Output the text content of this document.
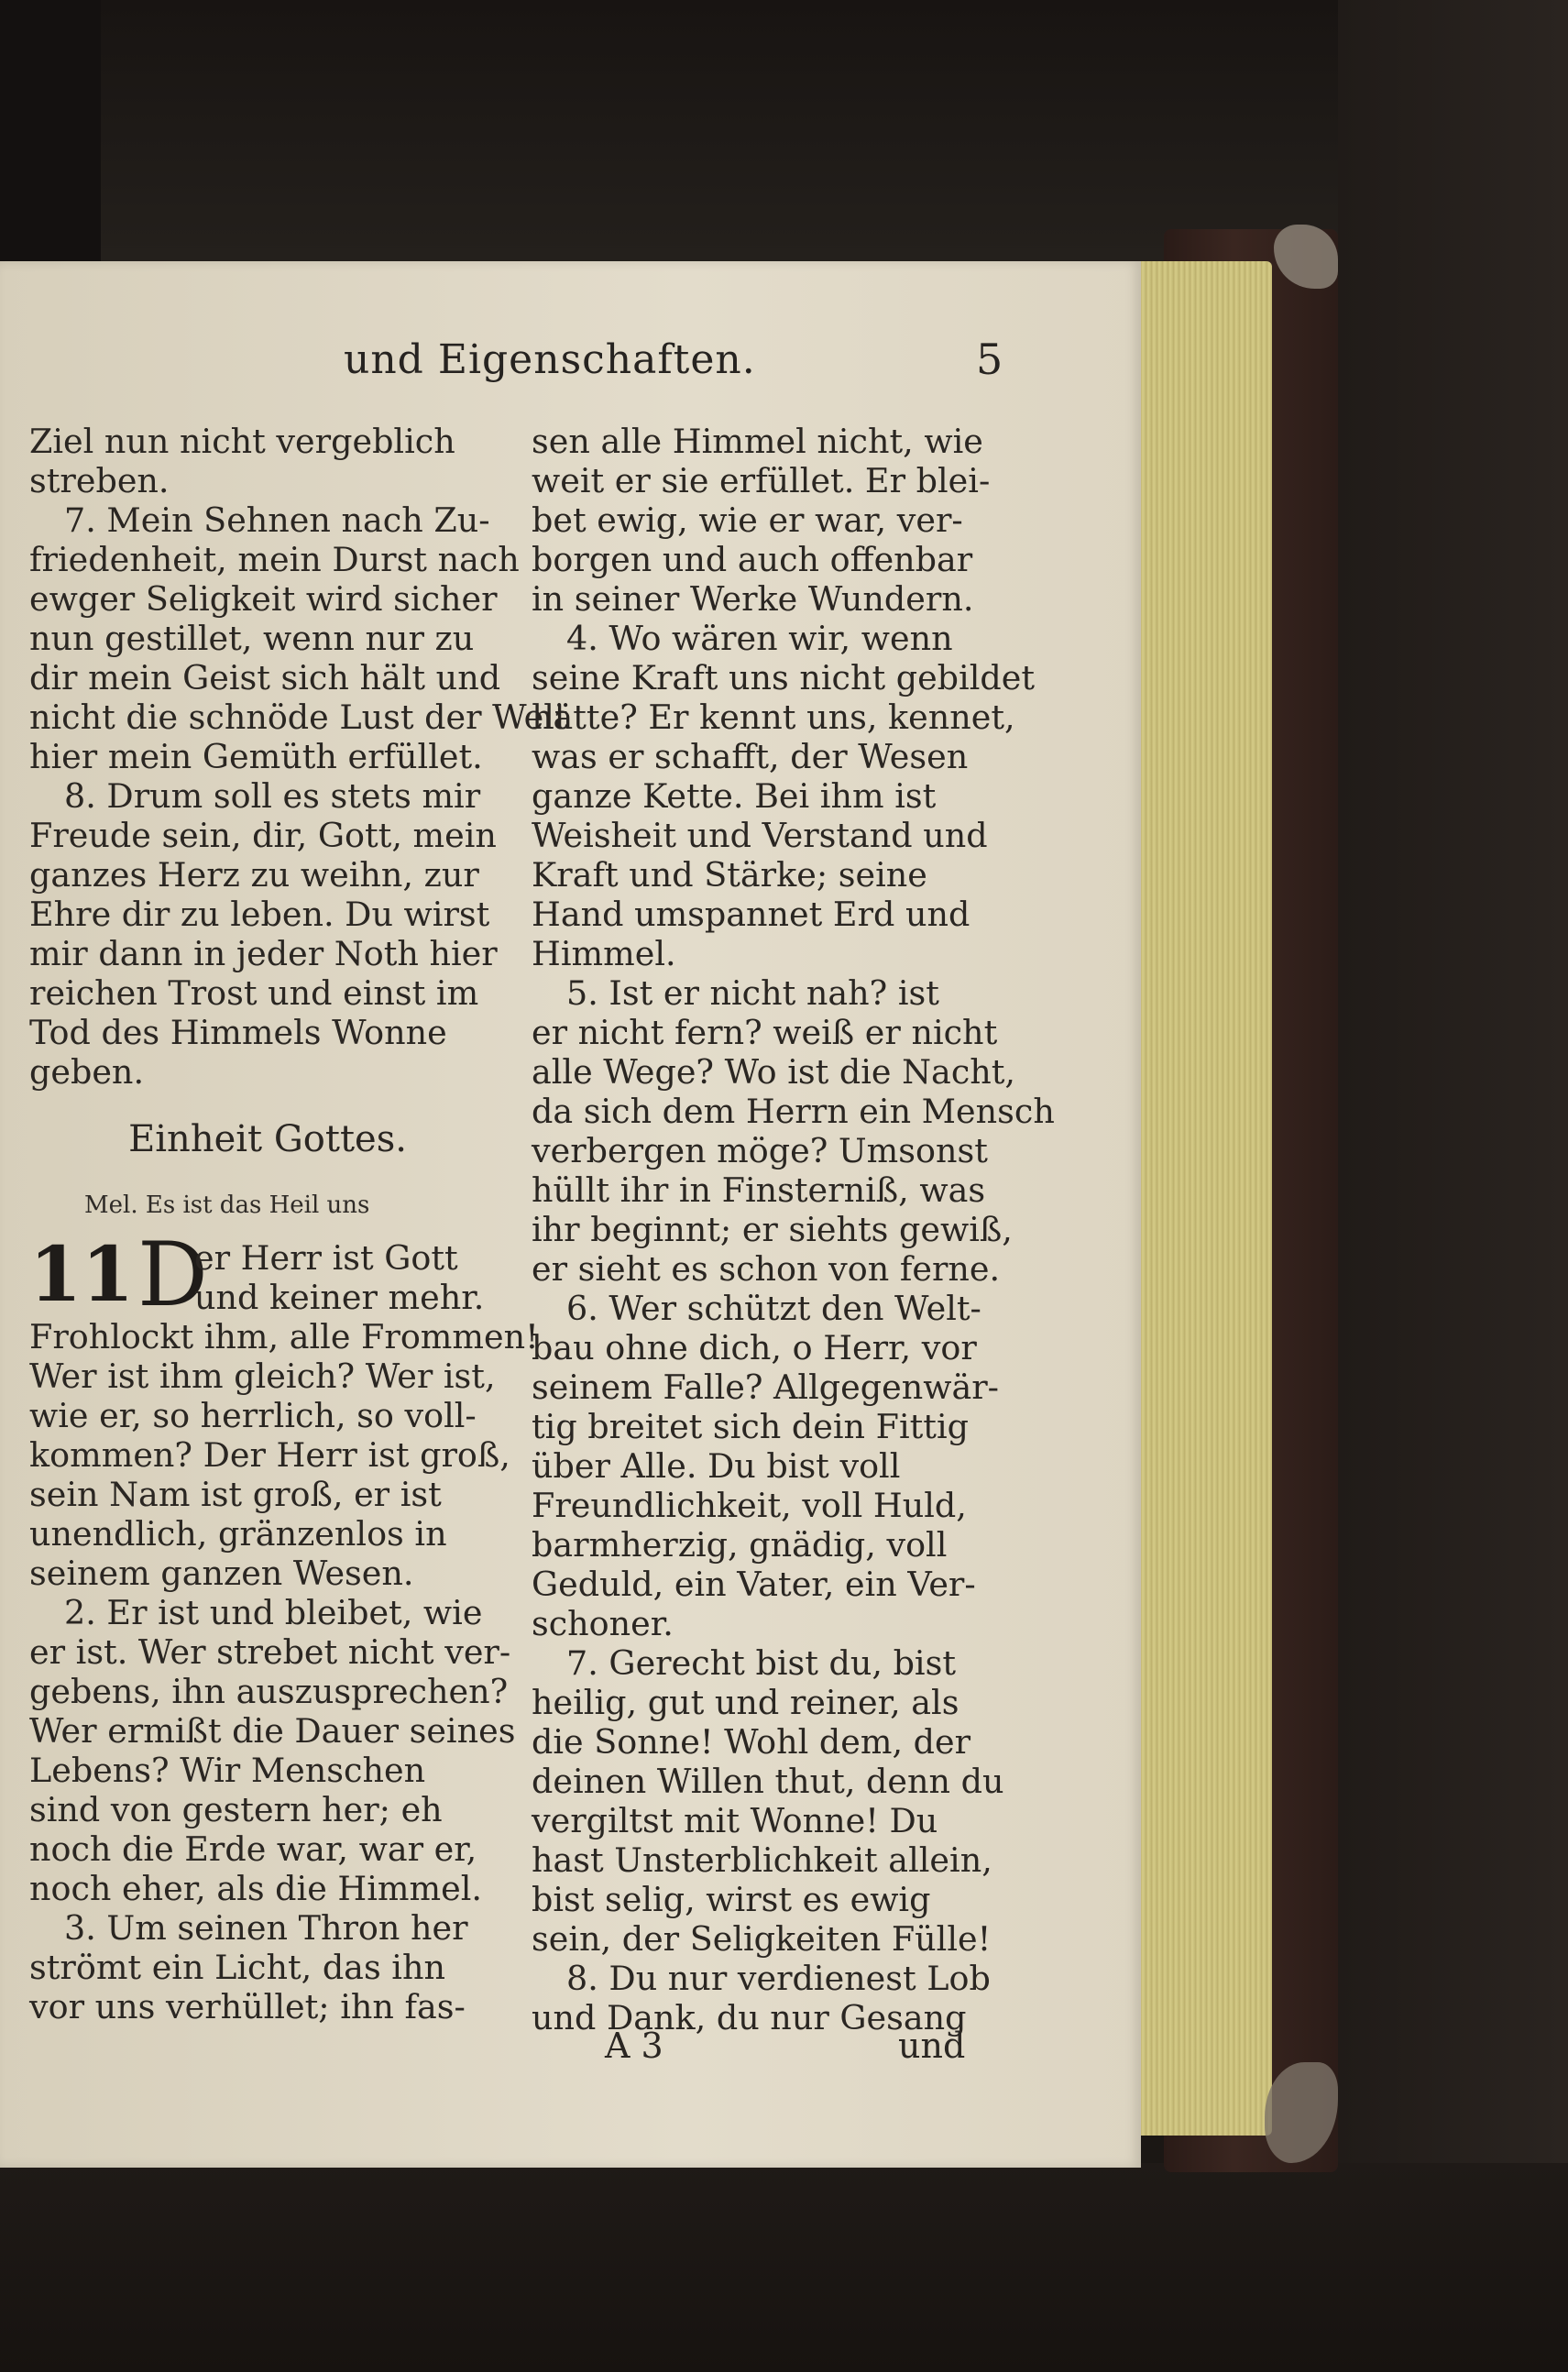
und Eigenschaften.	5
Ziel nun nicht vergeblich
streben.
7. Mein Sehnen nach Zu-
friedenheit, mein Durst nach
ewger Seligkeit wird sicher
nun gestillet, wenn nur zu
dir mein Geist sich hält und
nicht die schnöde Lust der Welt
hier mein Gemüth erfüllet.
8. Drum soll es stets mir
Freude sein, dir, Gott, mein
ganzes Herz zu weihn, zur
Ehre dir zu leben. Du wirst
mir dann in jeder Noth hier
reichen Trost und einst im
Tod des Himmels Wonne
geben.
Einheit Gottes.
Mel. Es ist das Heil uns
11 D
er Herr ist Gott
und keiner mehr.
Frohlockt ihm, alle Frommen!
Wer ist ihm gleich? Wer ist,
wie er, so herrlich, so voll-
kommen? Der Herr ist groß,
sein Nam ist groß, er ist
unendlich, gränzenlos in
seinem ganzen Wesen.
2. Er ist und bleibet, wie
er ist. Wer strebet nicht ver-
gebens, ihn auszusprechen?
Wer ermißt die Dauer seines
Lebens? Wir Menschen
sind von gestern her; eh
noch die Erde war, war er,
noch eher, als die Himmel.
3. Um seinen Thron her
strömt ein Licht, das ihn
vor uns verhüllet; ihn fas-
sen alle Himmel nicht, wie
weit er sie erfüllet. Er blei-
bet ewig, wie er war, ver-
borgen und auch offenbar
in seiner Werke Wundern.
4. Wo wären wir, wenn
seine Kraft uns nicht gebildet
hätte? Er kennt uns, kennet,
was er schafft, der Wesen
ganze Kette. Bei ihm ist
Weisheit und Verstand und
Kraft und Stärke; seine
Hand umspannet Erd und
Himmel.
5. Ist er nicht nah? ist
er nicht fern? weiß er nicht
alle Wege? Wo ist die Nacht,
da sich dem Herrn ein Mensch
verbergen möge? Umsonst
hüllt ihr in Finsterniß, was
ihr beginnt; er siehts gewiß,
er sieht es schon von ferne.
6. Wer schützt den Welt-
bau ohne dich, o Herr, vor
seinem Falle? Allgegenwär-
tig breitet sich dein Fittig
über Alle. Du bist voll
Freundlichkeit, voll Huld,
barmherzig, gnädig, voll
Geduld, ein Vater, ein Ver-
schoner.
7. Gerecht bist du, bist
heilig, gut und reiner, als
die Sonne! Wohl dem, der
deinen Willen thut, denn du
vergiltst mit Wonne! Du
hast Unsterblichkeit allein,
bist selig, wirst es ewig
sein, der Seligkeiten Fülle!
8. Du nur verdienest Lob
und Dank, du nur Gesang
A 3	und
